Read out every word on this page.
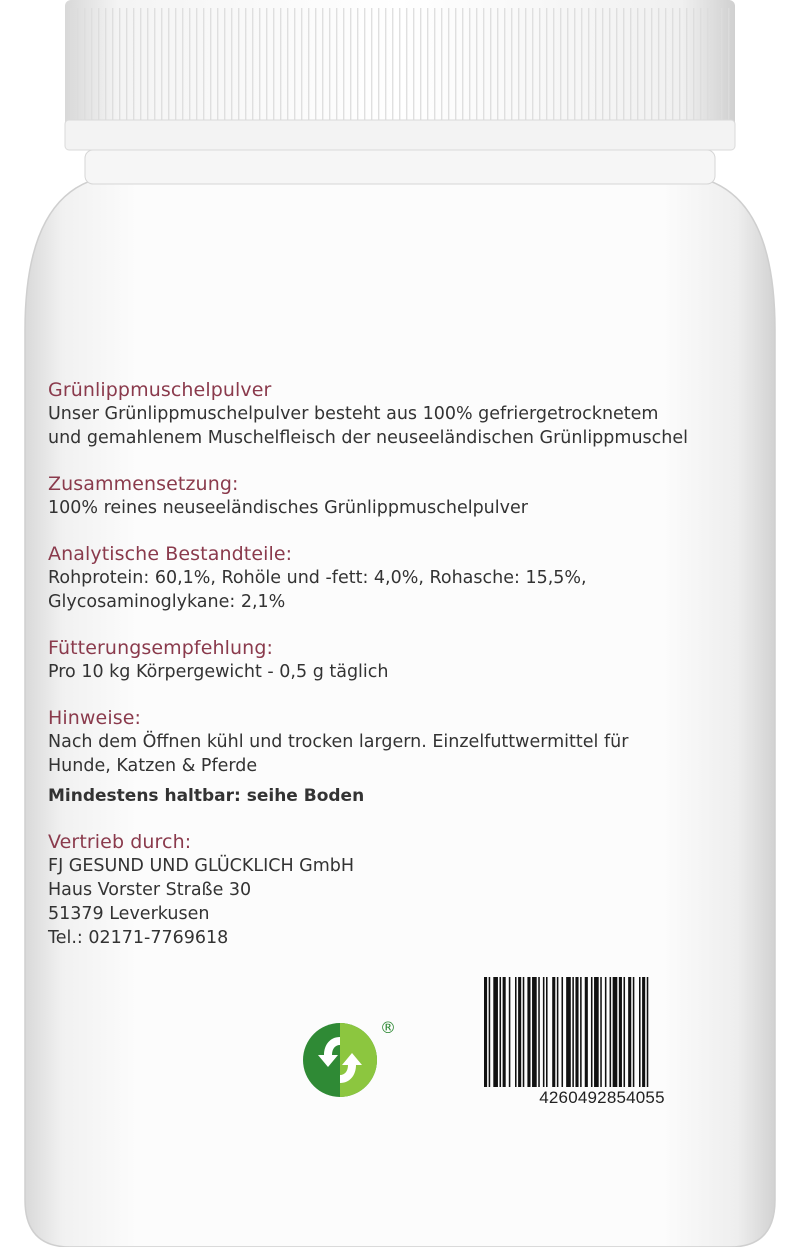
Grünlippmuschelpulver
Unser Grünlippmuschelpulver besteht aus 100% gefriergetrocknetem
und gemahlenem Muschelfleisch der neuseeländischen Grünlippmuschel
Zusammensetzung:
100% reines neuseeländisches Grünlippmuschelpulver
Analytische Bestandteile:
Rohprotein: 60,1%, Rohöle und -fett: 4,0%, Rohasche: 15,5%,
Glycosaminoglykane: 2,1%
Fütterungsempfehlung:
Pro 10 kg Körpergewicht - 0,5 g täglich
Hinweise:
Nach dem Öffnen kühl und trocken largern. Einzelfuttwermittel für
Hunde, Katzen & Pferde
Mindestens haltbar: seihe Boden
Vertrieb durch:
FJ GESUND UND GLÜCKLICH GmbH
Haus Vorster Straße 30
51379 Leverkusen
Tel.: 02171-7769618
®
4260492854055
